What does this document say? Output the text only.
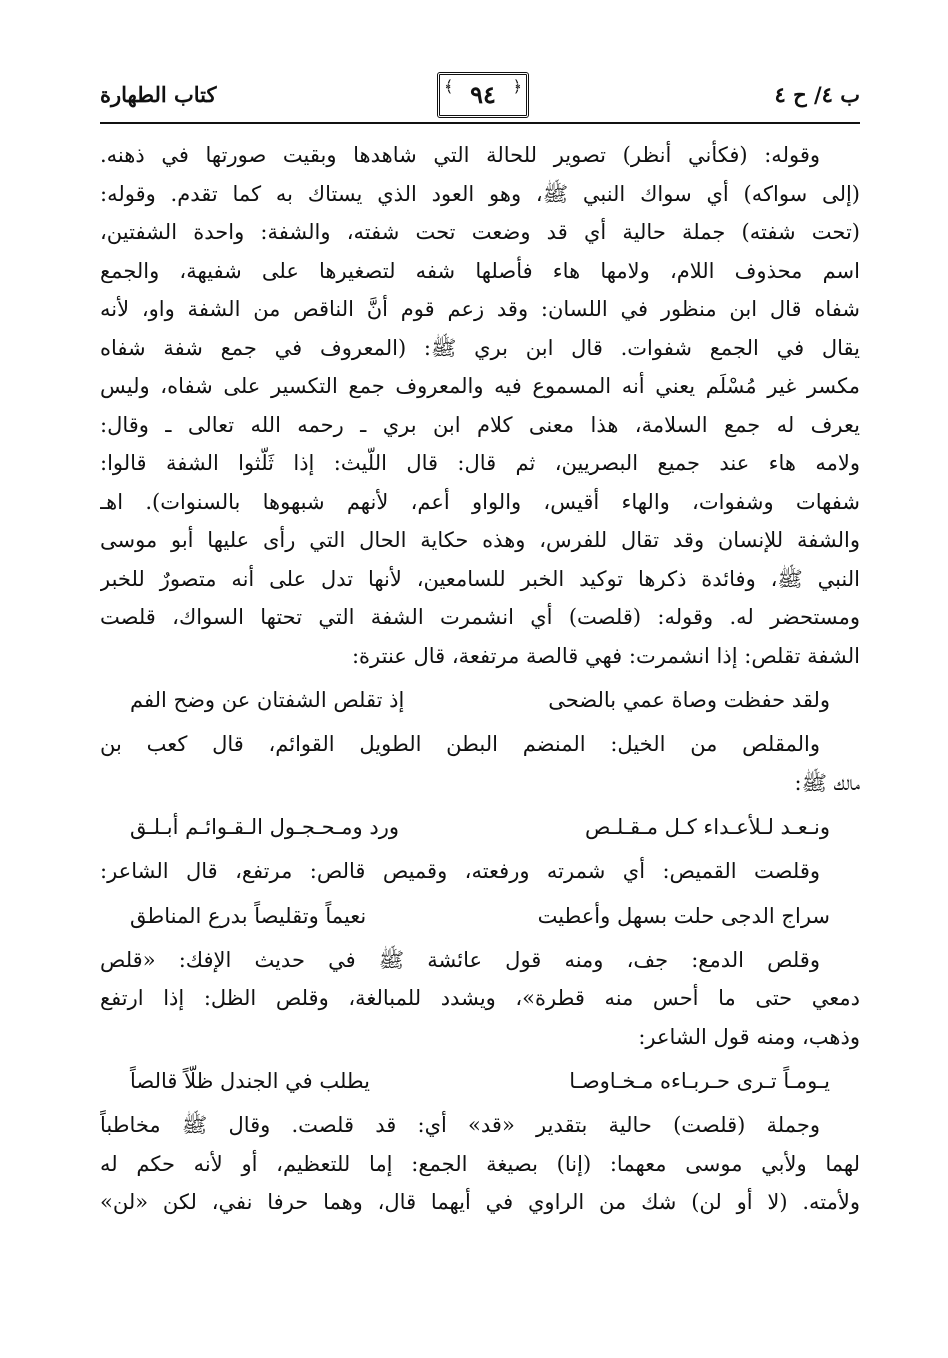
كتاب الطهارة
﴾	٩٤ ﴿	ب ٤/ ح ٤
وقوله: (فكأني أنظر) تصوير للحالة التي شاهدها وبقيت صورتها في ذهنه.
(إلى سواكه) أي سواك النبي ﷺ، وهو العود الذي يستاك به كما تقدم. وقوله:
(تحت شفته) جملة حالية أي قد وضعت تحت شفته، والشفة: واحدة الشفتين،
اسم محذوف اللام، ولامها هاء فأصلها شفه لتصغيرها على شفيهة، والجمع
شفاه قال ابن منظور في اللسان: وقد زعم قوم أنَّ الناقص من الشفة واو، لأنه
يقال في الجمع شفوات. قال ابن بري ﷺ: (المعروف في جمع شفة شفاه
مكسر غير مُسْلَم يعني أنه المسموع فيه والمعروف جمع التكسير على شفاه، وليس
يعرف له جمع السلامة، هذا معنى كلام ابن بري ـ رحمه الله تعالى ـ وقال:
ولامه هاء عند جميع البصريين، ثم قال: قال اللّيث: إذا ثَلّثوا الشفة قالوا:
شفهات وشفوات، والهاء أقيس، والواو أعم، لأنهم شبهوها بالسنوات). اهـ
والشفة للإنسان وقد تقال للفرس، وهذه حكاية الحال التي رأى عليها أبو موسى
النبي ﷺ، وفائدة ذكرها توكيد الخبر للسامعين، لأنها تدل على أنه متصورٌ للخبر
ومستحضر له. وقوله: (قلصت) أي انشمرت الشفة التي تحتها السواك، قلصت
الشفة تقلص: إذا انشمرت: فهي قالصة مرتفعة، قال عنترة:
ولقد حفظت وصاة عمي بالضحى
إذ تقلص الشفتان عن وضح الفم
والمقلص من الخيل: المنضم البطن الطويل القوائم، قال كعب بن
مالك ﷺ:
ونـعـد لـلأعـداء كـل مـقـلـص
ورد ومـحـجـول الـقـوائـم أبـلـق
وقلصت القميص: أي شمرته ورفعته، وقميص قالص: مرتفع، قال الشاعر:
سراج الدجى حلت بسهل وأعطيت
نعيماً وتقليصاً بدرع المناطق
وقلص الدمع: جف، ومنه قول عائشة ﷺ في حديث الإفك: «قلص
دمعي حتى ما أحس منه قطرة»، ويشدد للمبالغة، وقلص الظل: إذا ارتفع
وذهب، ومنه قول الشاعر:
يـومـاً تـرى حـربـاءه مـخـاوصـا
يطلب في الجندل ظلّاً قالصاً
وجملة (قلصت) حالية بتقدير «قد» أي: قد قلصت. وقال ﷺ مخاطباً
لهما ولأبي موسى معهما: (إنا) بصيغة الجمع: إما للتعظيم، أو لأنه حكم له
ولأمته. (لا أو لن) شك من الراوي في أيهما قال، وهما حرفا نفي، لكن «لن»
